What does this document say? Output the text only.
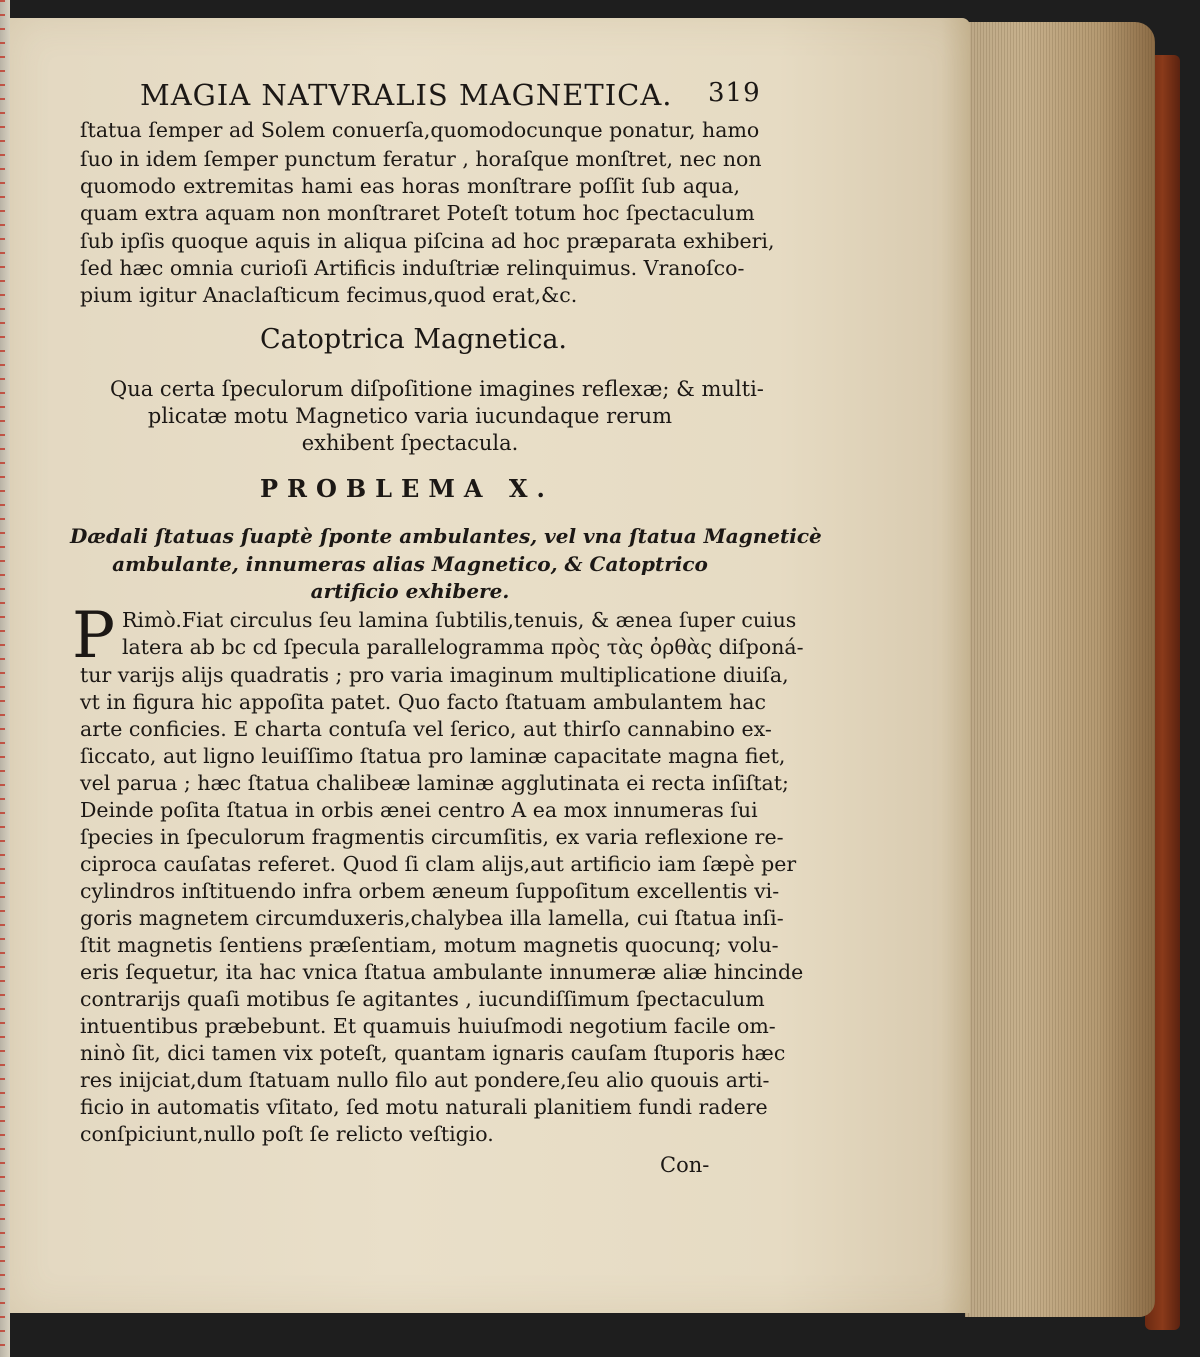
MAGIA NATVRALIS MAGNETICA. 319
ſtatua ſemper ad Solem conuerſa,quomodocunque ponatur, hamo
ſuo in idem ſemper punctum feratur , horaſque monſtret, nec non
quomodo extremitas hami eas horas monſtrare poſſit ſub aqua,
quam extra aquam non monſtraret Poteſt totum hoc ſpectaculum
ſub ipſis quoque aquis in aliqua piſcina ad hoc præparata exhiberi,
ſed hæc omnia curioſi Artificis induſtriæ relinquimus. Vranoſco-
pium igitur Anaclaſticum fecimus,quod erat,&c.
Catoptrica Magnetica.
Qua certa ſpeculorum diſpoſitione imagines reflexæ; & multi-
plicatæ motu Magnetico varia iucundaque rerum
exhibent ſpectacula.
PROBLEMA X.
Dædali ſtatuas ſuaptè ſponte ambulantes, vel vna ſtatua Magneticè
ambulante, innumeras alias Magnetico, & Catoptrico
artificio exhibere.
P Rimò.Fiat circulus ſeu lamina ſubtilis,tenuis, & ænea ſuper cuius
latera ab bc cd ſpecula parallelogramma πρὸς τὰς ὀρθὰς diſponá-
tur varijs alijs quadratis ; pro varia imaginum multiplicatione diuiſa,
vt in figura hic appoſita patet. Quo facto ſtatuam ambulantem hac
arte conficies. E charta contuſa vel ſerico, aut thirſo cannabino ex-
ſiccato, aut ligno leuiſſimo ſtatua pro laminæ capacitate magna fiet,
vel parua ; hæc ſtatua chalibeæ laminæ agglutinata ei recta inſiſtat;
Deinde poſita ſtatua in orbis ænei centro A ea mox innumeras ſui
ſpecies in ſpeculorum fragmentis circumſitis, ex varia reflexione re-
ciproca cauſatas referet. Quod ſi clam alijs,aut artificio iam ſæpè per
cylindros inſtituendo infra orbem æneum ſuppoſitum excellentis vi-
goris magnetem circumduxeris,chalybea illa lamella, cui ſtatua inſi-
ſtit magnetis ſentiens præſentiam, motum magnetis quocunq; volu-
eris ſequetur, ita hac vnica ſtatua ambulante innumeræ aliæ hincinde
contrarijs quaſi motibus ſe agitantes , iucundiſſimum ſpectaculum
intuentibus præbebunt. Et quamuis huiuſmodi negotium facile om-
ninò ſit, dici tamen vix poteſt, quantam ignaris cauſam ſtuporis hæc
res inijciat,dum ſtatuam nullo filo aut pondere,ſeu alio quouis arti-
ficio in automatis vſitato, ſed motu naturali planitiem fundi radere
conſpiciunt,nullo poſt ſe relicto veſtigio.
Con-
